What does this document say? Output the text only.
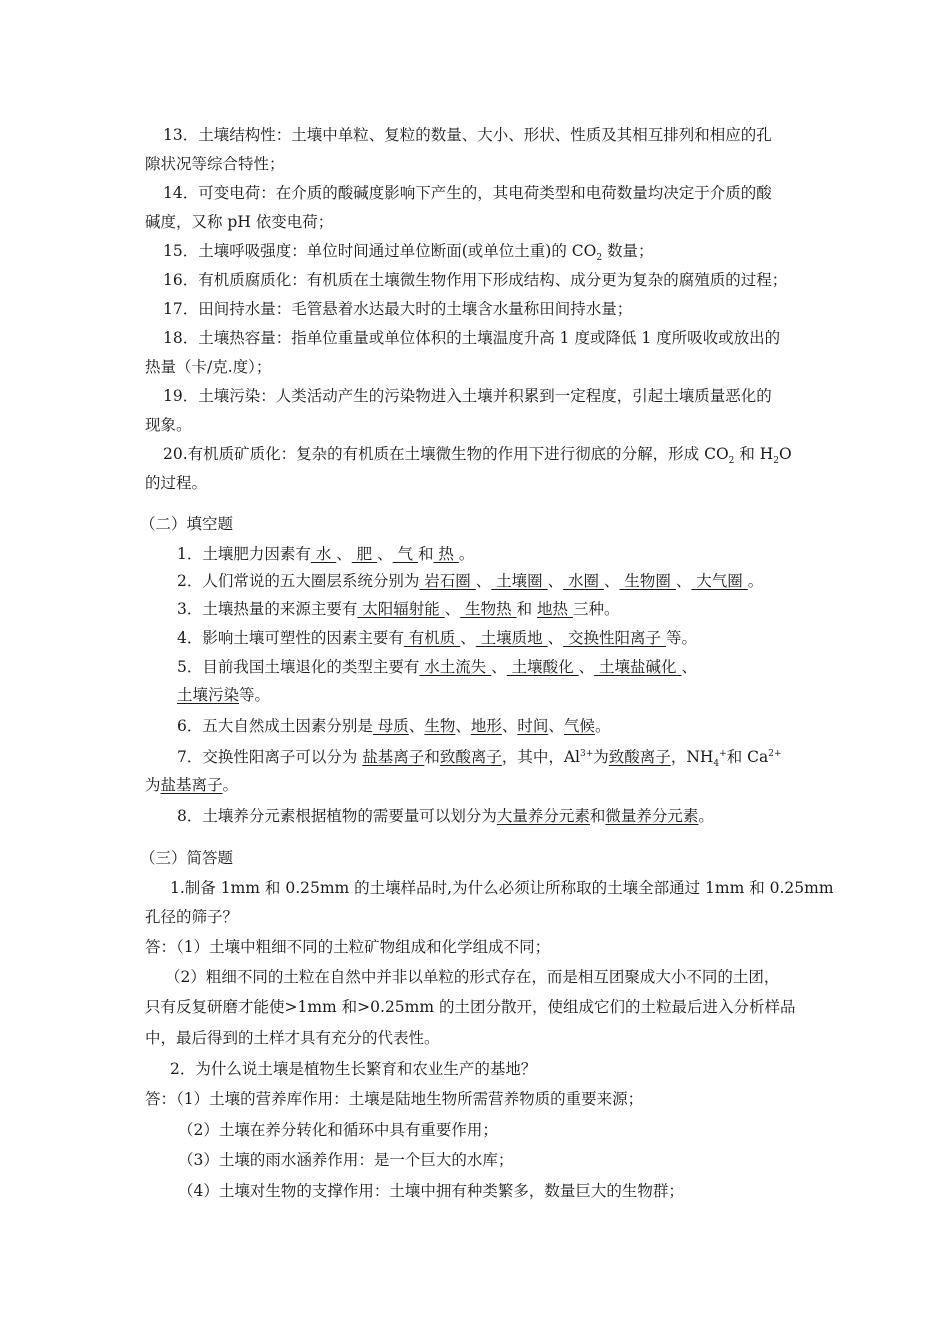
13．土壤结构性：土壤中单粒、复粒的数量、大小、形状、性质及其相互排列和相应的孔
隙状况等综合特性；
14．可变电荷：在介质的酸碱度影响下产生的，其电荷类型和电荷数量均决定于介质的酸
碱度，又称 pH 依变电荷；
15．土壤呼吸强度：单位时间通过单位断面(或单位土重)的 $CO_2$ 数量；
16．有机质腐质化：有机质在土壤微生物作用下形成结构、成分更为复杂的腐殖质的过程；
17．田间持水量：毛管悬着水达最大时的土壤含水量称田间持水量；
18．土壤热容量：指单位重量或单位体积的土壤温度升高 1 度或降低 1 度所吸收或放出的
热量（卡/克.度）；
19．土壤污染：人类活动产生的污染物进入土壤并积累到一定程度，引起土壤质量恶化的
现象。
20.有机质矿质化：复杂的有机质在土壤微生物的作用下进行彻底的分解，形成 $CO_2$ 和 $H_2O$
的过程。
（二）填空题
1．土壤肥力因素有 水 、 肥 、 气 和 热 。
2．人们常说的五大圈层系统分别为 岩石圈 、 土壤圈 、 水圈 、 生物圈 、 大气圈 。
3．土壤热量的来源主要有 太阳辐射能 、 生物热 和 地热 三种。
4．影响土壤可塑性的因素主要有 有机质 、 土壤质地 、 交换性阳离子 等。
5．目前我国土壤退化的类型主要有 水土流失 、 土壤酸化 、 土壤盐碱化 、
土壤污染等。
6．五大自然成土因素分别是 母质、生物、地形、时间、气候。
7．交换性阳离子可以分为 盐基离子和致酸离子，其中，$Al^{3+}$为致酸离子，$NH_4^+$和 $Ca^{2+}$
为盐基离子。
8．土壤养分元素根据植物的需要量可以划分为大量养分元素和微量养分元素。
（三）简答题
1.制备 1mm 和 0.25mm 的土壤样品时,为什么必须让所称取的土壤全部通过 1mm 和 0.25mm
孔径的筛子？
答：（1）土壤中粗细不同的土粒矿物组成和化学组成不同；
（2）粗细不同的土粒在自然中并非以单粒的形式存在，而是相互团聚成大小不同的土团，
只有反复研磨才能使>1mm 和>0.25mm 的土团分散开，使组成它们的土粒最后进入分析样品
中，最后得到的土样才具有充分的代表性。
2．为什么说土壤是植物生长繁育和农业生产的基地？
答：（1）土壤的营养库作用：土壤是陆地生物所需营养物质的重要来源；
（2）土壤在养分转化和循环中具有重要作用；
（3）土壤的雨水涵养作用：是一个巨大的水库；
（4）土壤对生物的支撑作用：土壤中拥有种类繁多，数量巨大的生物群；
